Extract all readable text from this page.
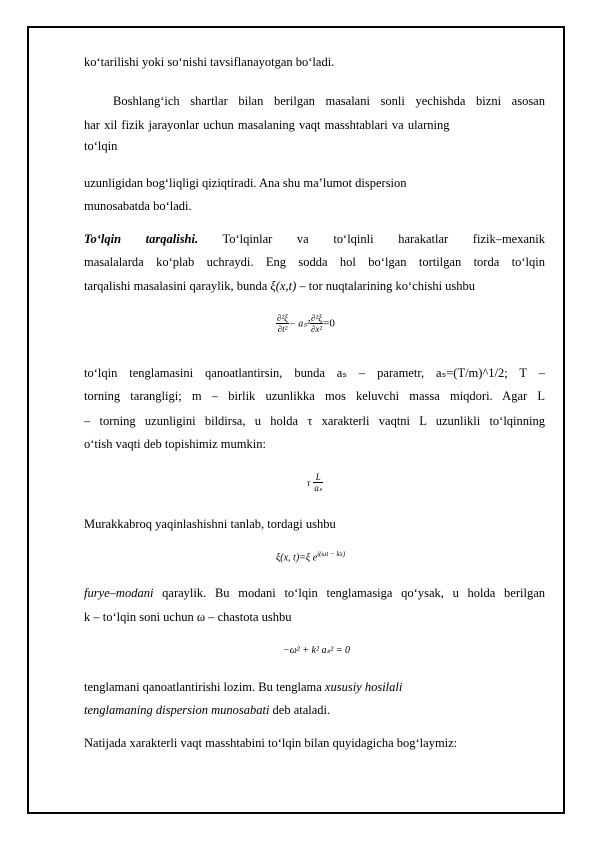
ko‘tarilishi yoki so‘nishi tavsiflanayotgan bo‘ladi.
Boshlang‘ich shartlar bilan berilgan masalani sonli yechishda bizni asosan
har xil fizik jarayonlar uchun masalaning vaqt masshtablari va ularning
to‘lqin
uzunligidan bog‘liqligi qiziqtiradi. Ana shu ma’lumot dispersion
munosabatda bo‘ladi.
To‘lqin tarqalishi. To‘lqinlar va to‘lqinli harakatlar fizik–mexanik
masalalarda ko‘plab uchraydi. Eng sodda hol bo‘lgan tortilgan torda to‘lqin
tarqalishi masalasini qaraylik, bunda ξ(x,t) – tor nuqtalarining ko‘chishi ushbu
$\frac{\text{∂²ξ}}{\text{∂t²}} - a_s^2 \frac{\text{∂²ξ}}{\text{∂x²}} =0$
to‘lqin tenglamasini qanoatlantirsin, bunda aₛ – parametr, aₛ=(T/m)^1/2; T –
torning tarangligi; m – birlik uzunlikka mos keluvchi massa miqdori. Agar L
– torning uzunligini bildirsa, u holda τ xarakterli vaqtni L uzunlikli to‘lqinning
o‘tish vaqti deb topishimiz mumkin:
τ $\frac{L}{\text{aₛ}}$
Murakkabroq yaqinlashishni tanlab, tordagi ushbu
ξ(x, t)=ξ $e^{i(\omega t - kx)}$
furye–modani qaraylik. Bu modani to‘lqin tenglamasiga qo‘ysak, u holda berilgan
k – to‘lqin soni uchun ω – chastota ushbu
−ω² + k² aₛ² = 0
tenglamani qanoatlantirishi lozim. Bu tenglama xususiy hosilali
tenglamaning dispersion munosabati deb ataladi.
Natijada xarakterli vaqt masshtabini to‘lqin bilan quyidagicha bog‘laymiz:
